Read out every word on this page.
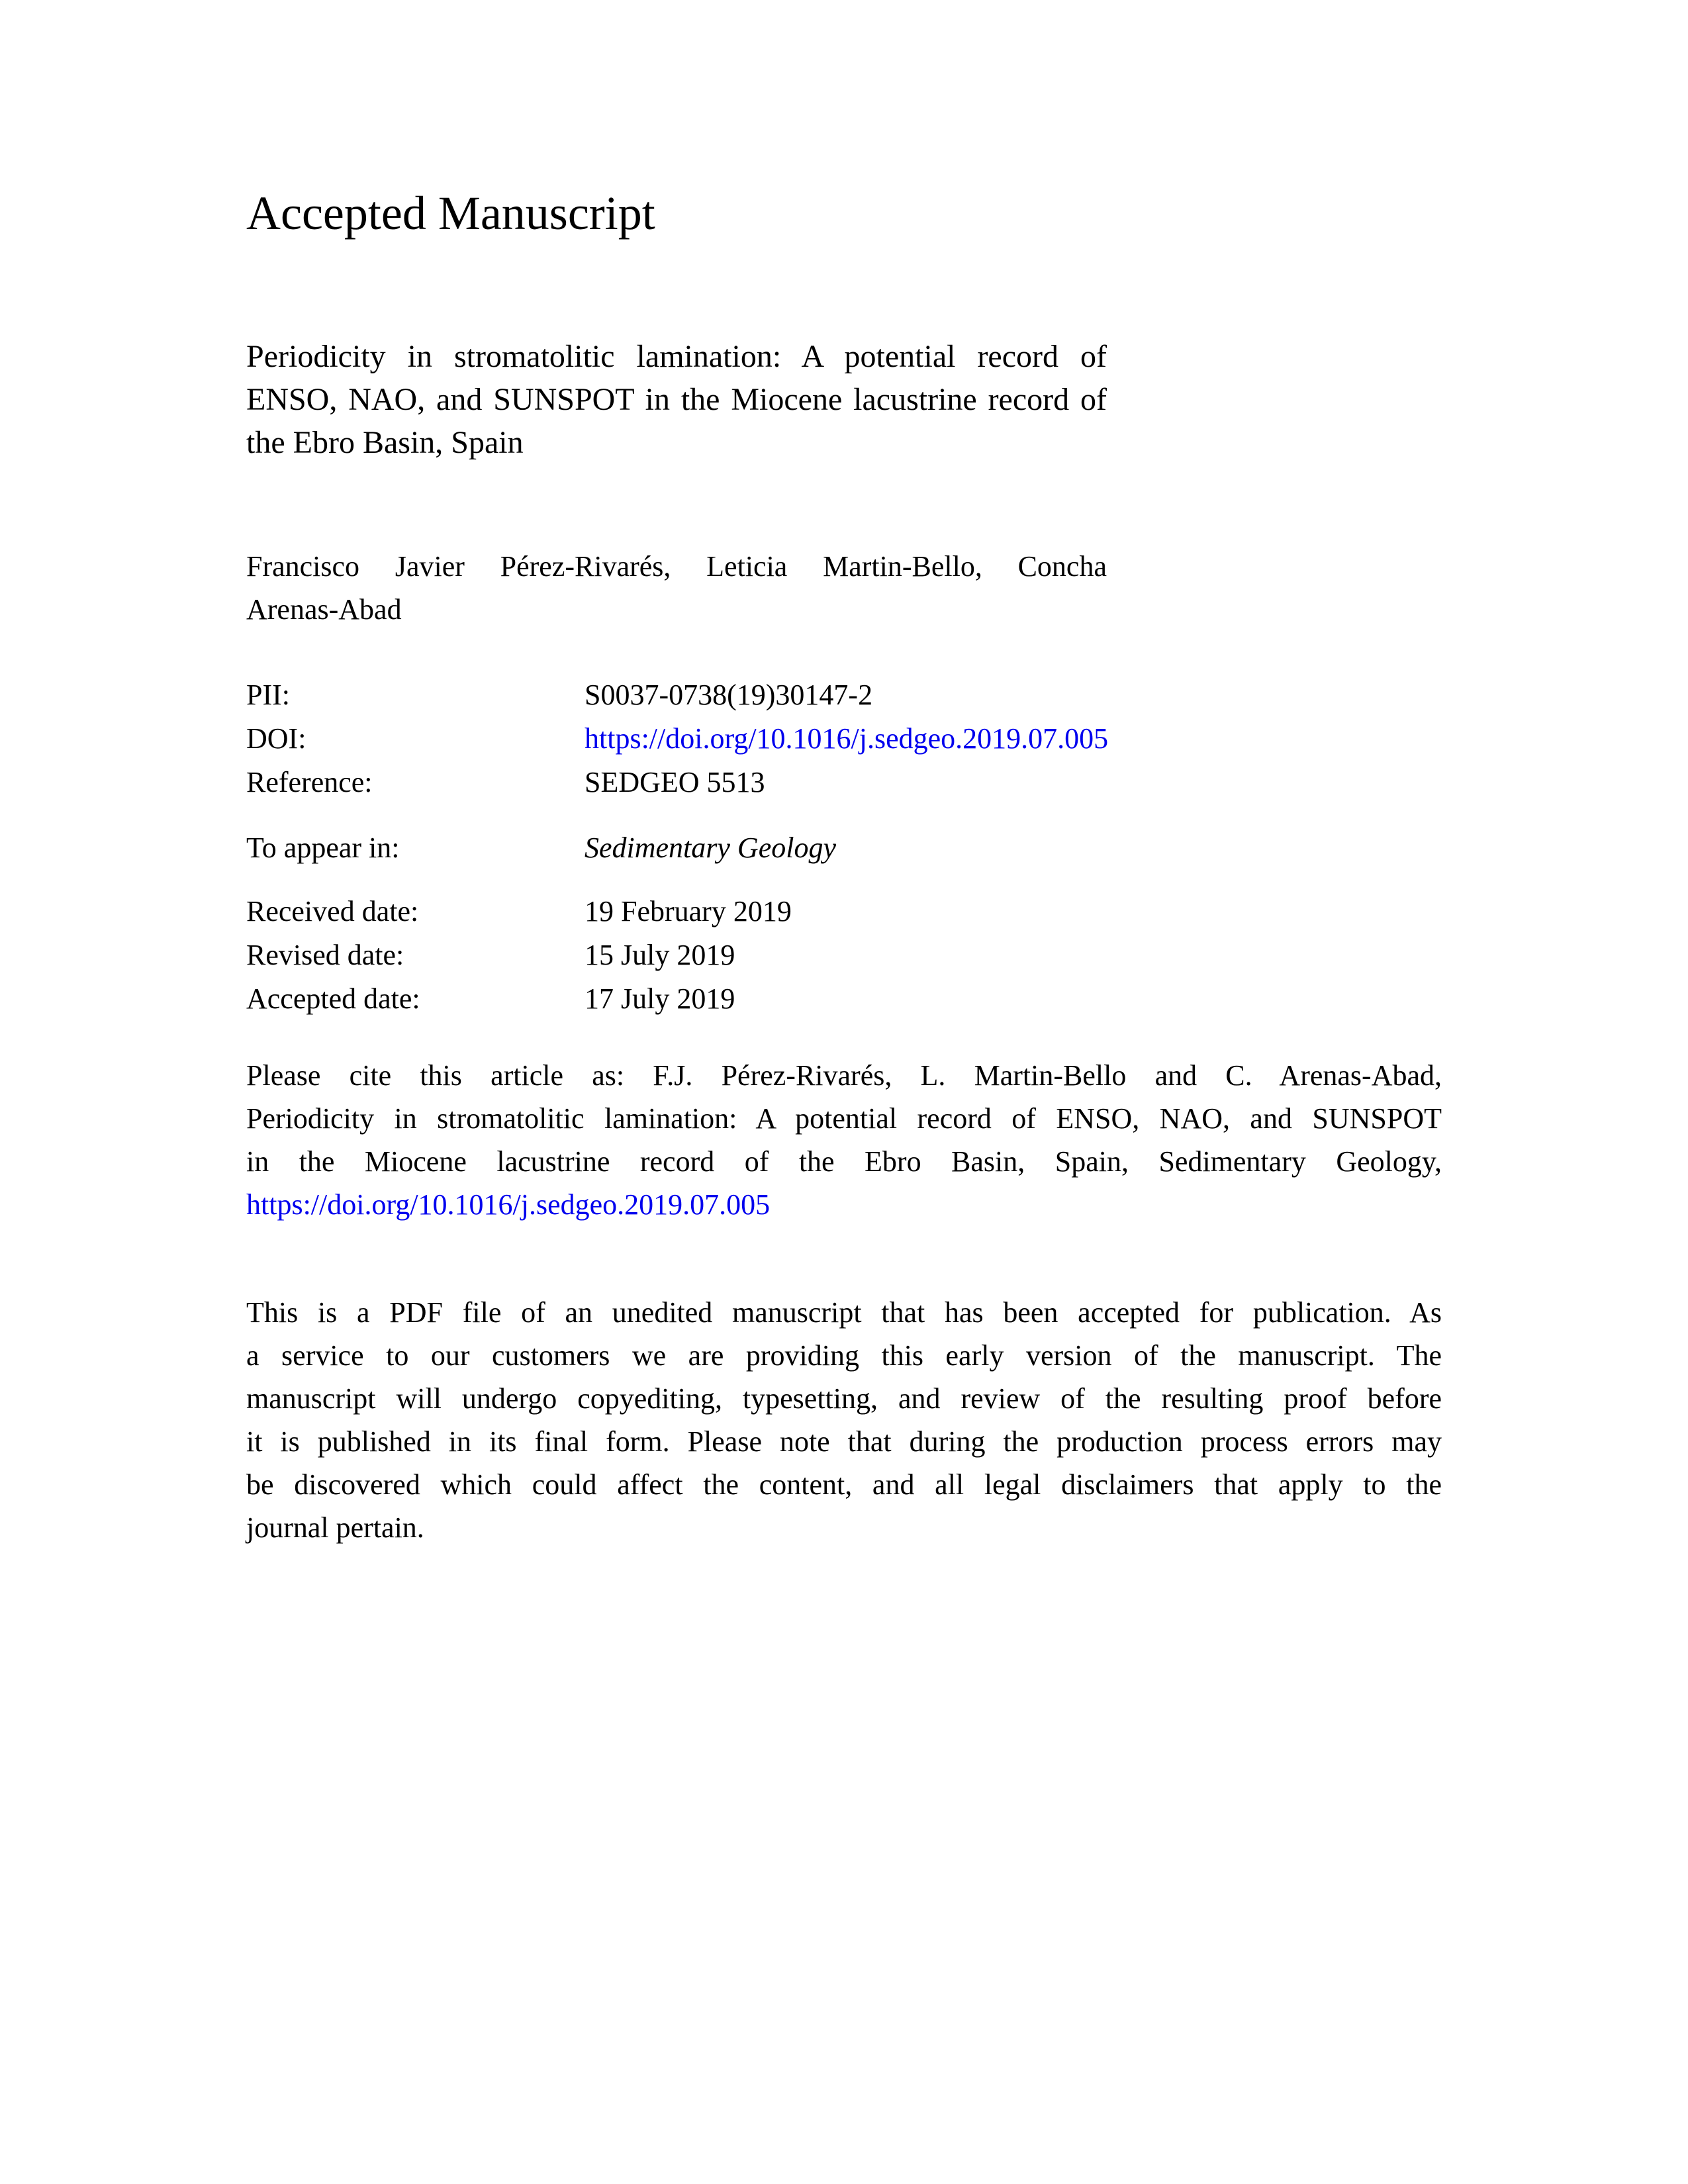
Accepted Manuscript
Periodicity in stromatolitic lamination: A potential record of
ENSO, NAO, and SUNSPOT in the Miocene lacustrine record of
the Ebro Basin, Spain
Francisco Javier Pérez-Rivarés, Leticia Martin-Bello, Concha
Arenas-Abad
PII:	S0037-0738(19)30147-2
DOI:	https://doi.org/10.1016/j.sedgeo.2019.07.005
Reference:	SEDGEO 5513
To appear in:	Sedimentary Geology
Received date:	19 February 2019
Revised date:	15 July 2019
Accepted date:	17 July 2019
Please cite this article as: F.J. Pérez-Rivarés, L. Martin-Bello and C. Arenas-Abad,
Periodicity in stromatolitic lamination: A potential record of ENSO, NAO, and SUNSPOT
in the Miocene lacustrine record of the Ebro Basin, Spain, Sedimentary Geology,
https://doi.org/10.1016/j.sedgeo.2019.07.005
This is a PDF file of an unedited manuscript that has been accepted for publication. As
a service to our customers we are providing this early version of the manuscript. The
manuscript will undergo copyediting, typesetting, and review of the resulting proof before
it is published in its final form. Please note that during the production process errors may
be discovered which could affect the content, and all legal disclaimers that apply to the
journal pertain.
